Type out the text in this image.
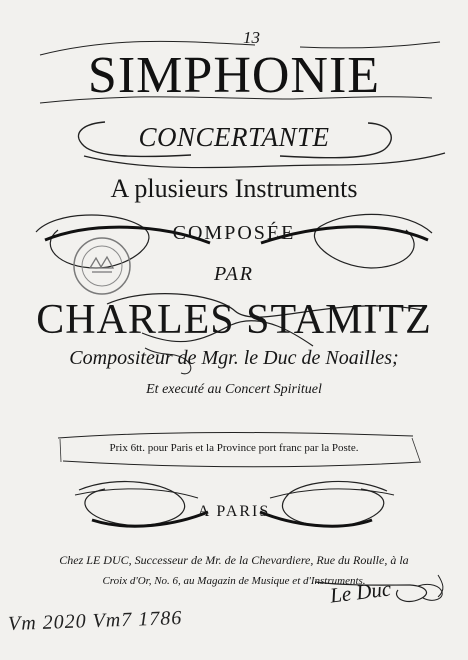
13
SIMPHONIE
CONCERTANTE
A plusieurs Instruments
COMPOSÉE
PAR
CHARLES STAMITZ
Compositeur de Mgr. le Duc de Noailles;
Et executé au Concert Spirituel
Prix 6tt. pour Paris et la Province port franc par la Poste.
A PARIS
Chez LE DUC, Successeur de Mr. de la Chevardiere, Rue du Roulle, à la
Croix d'Or, No. 6, au Magazin de Musique et d'Instruments.
Le Duc
Vm 2020 Vm7 1786
